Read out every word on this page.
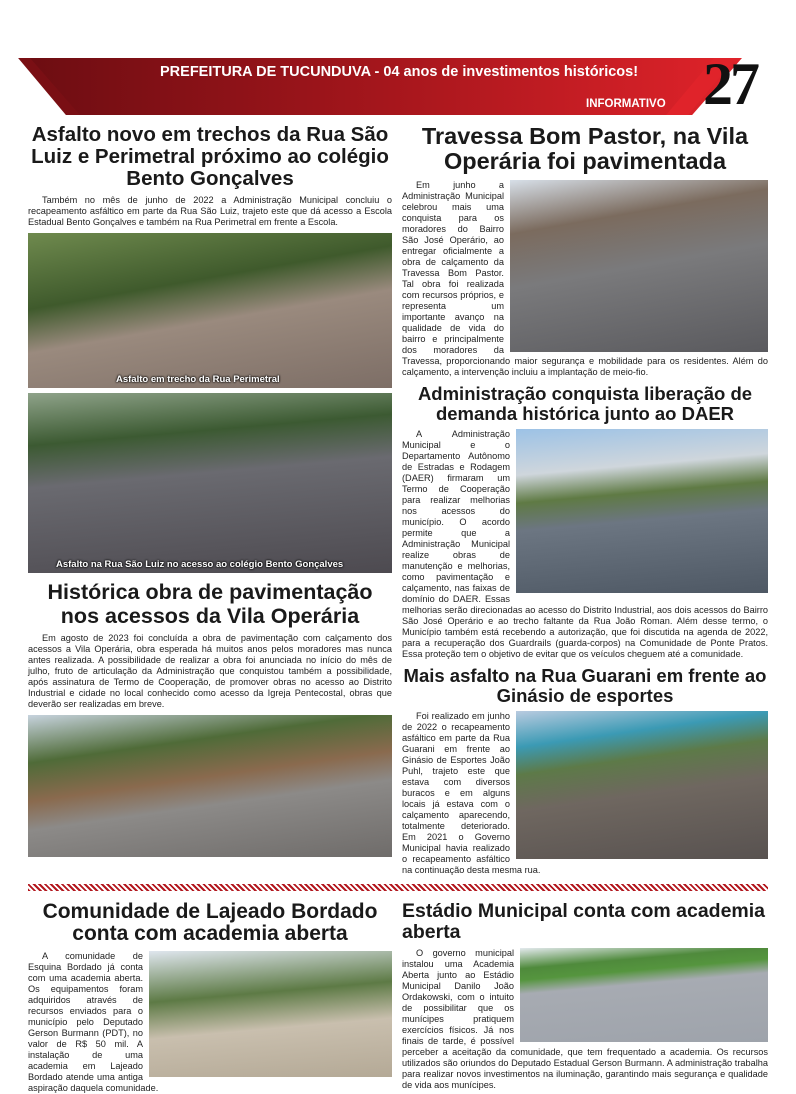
PREFEITURA DE TUCUNDUVA - 04 anos de investimentos históricos!
INFORMATIVO 27
Asfalto novo em trechos da Rua São Luiz e Perimetral próximo ao colégio Bento Gonçalves
Também no mês de junho de 2022 a Administração Municipal concluiu o recapeamento asfáltico em parte da Rua São Luiz, trajeto este que dá acesso a Escola Estadual Bento Gonçalves e também na Rua Perimetral em frente a Escola.
Asfalto em trecho da Rua Perimetral
Asfalto na Rua São Luiz no acesso ao colégio Bento Gonçalves
Histórica obra de pavimentação nos acessos da Vila Operária
Em agosto de 2023 foi concluída a obra de pavimentação com calçamento dos acessos a Vila Operária, obra esperada há muitos anos pelos moradores mas nunca antes realizada. A possibilidade de realizar a obra foi anunciada no início do mês de julho, fruto de articulação da Administração que conquistou também a possibilidade, após assinatura de Termo de Cooperação, de promover obras no acesso ao Distrito Industrial e cidade no local conhecido como acesso da Igreja Pentecostal, obras que deverão ser realizadas em breve.
Travessa Bom Pastor, na Vila Operária foi pavimentada
Em junho a Administração Municipal celebrou mais uma conquista para os moradores do Bairro São José Operário, ao entregar oficialmente a obra de calçamento da Travessa Bom Pastor. Tal obra foi realizada com recursos próprios, e representa um importante avanço na qualidade de vida do bairro e principalmente dos moradores da Travessa, proporcionando maior segurança e mobilidade para os residentes. Além do calçamento, a intervenção incluiu a implantação de meio-fio.
Administração conquista liberação de demanda histórica junto ao DAER
A Administração Municipal e o Departamento Autônomo de Estradas e Rodagem (DAER) firmaram um Termo de Cooperação para realizar melhorias nos acessos do município. O acordo permite que a Administração Municipal realize obras de manutenção e melhorias, como pavimentação e calçamento, nas faixas de domínio do DAER. Essas melhorias serão direcionadas ao acesso do Distrito Industrial, aos dois acessos do Bairro São José Operário e ao trecho faltante da Rua João Roman. Além desse termo, o Município também está recebendo a autorização, que foi discutida na agenda de 2022, para a recuperação dos Guardrails (guarda-corpos) na Comunidade de Ponte Pratos. Essa proteção tem o objetivo de evitar que os veículos cheguem até a comunidade.
Mais asfalto na Rua Guarani em frente ao Ginásio de esportes
Foi realizado em junho de 2022 o recapeamento asfáltico em parte da Rua Guarani em frente ao Ginásio de Esportes João Puhl, trajeto este que estava com diversos buracos e em alguns locais já estava com o calçamento aparecendo, totalmente deteriorado. Em 2021 o Governo Municipal havia realizado o recapeamento asfáltico na continuação desta mesma rua.
Comunidade de Lajeado Bordado conta com academia aberta
A comunidade de Esquina Bordado já conta com uma academia aberta. Os equipamentos foram adquiridos através de recursos enviados para o município pelo Deputado Gerson Burmann (PDT), no valor de R$ 50 mil. A instalação de uma academia em Lajeado Bordado atende uma antiga aspiração daquela comunidade.
Estádio Municipal conta com academia aberta
O governo municipal instalou uma Academia Aberta junto ao Estádio Municipal Danilo João Ordakowski, com o intuito de possibilitar que os munícipes pratiquem exercícios físicos. Já nos finais de tarde, é possível perceber a aceitação da comunidade, que tem frequentado a academia. Os recursos utilizados são oriundos do Deputado Estadual Gerson Burmann. A administração trabalha para realizar novos investimentos na iluminação, garantindo mais segurança e qualidade de vida aos munícipes.
